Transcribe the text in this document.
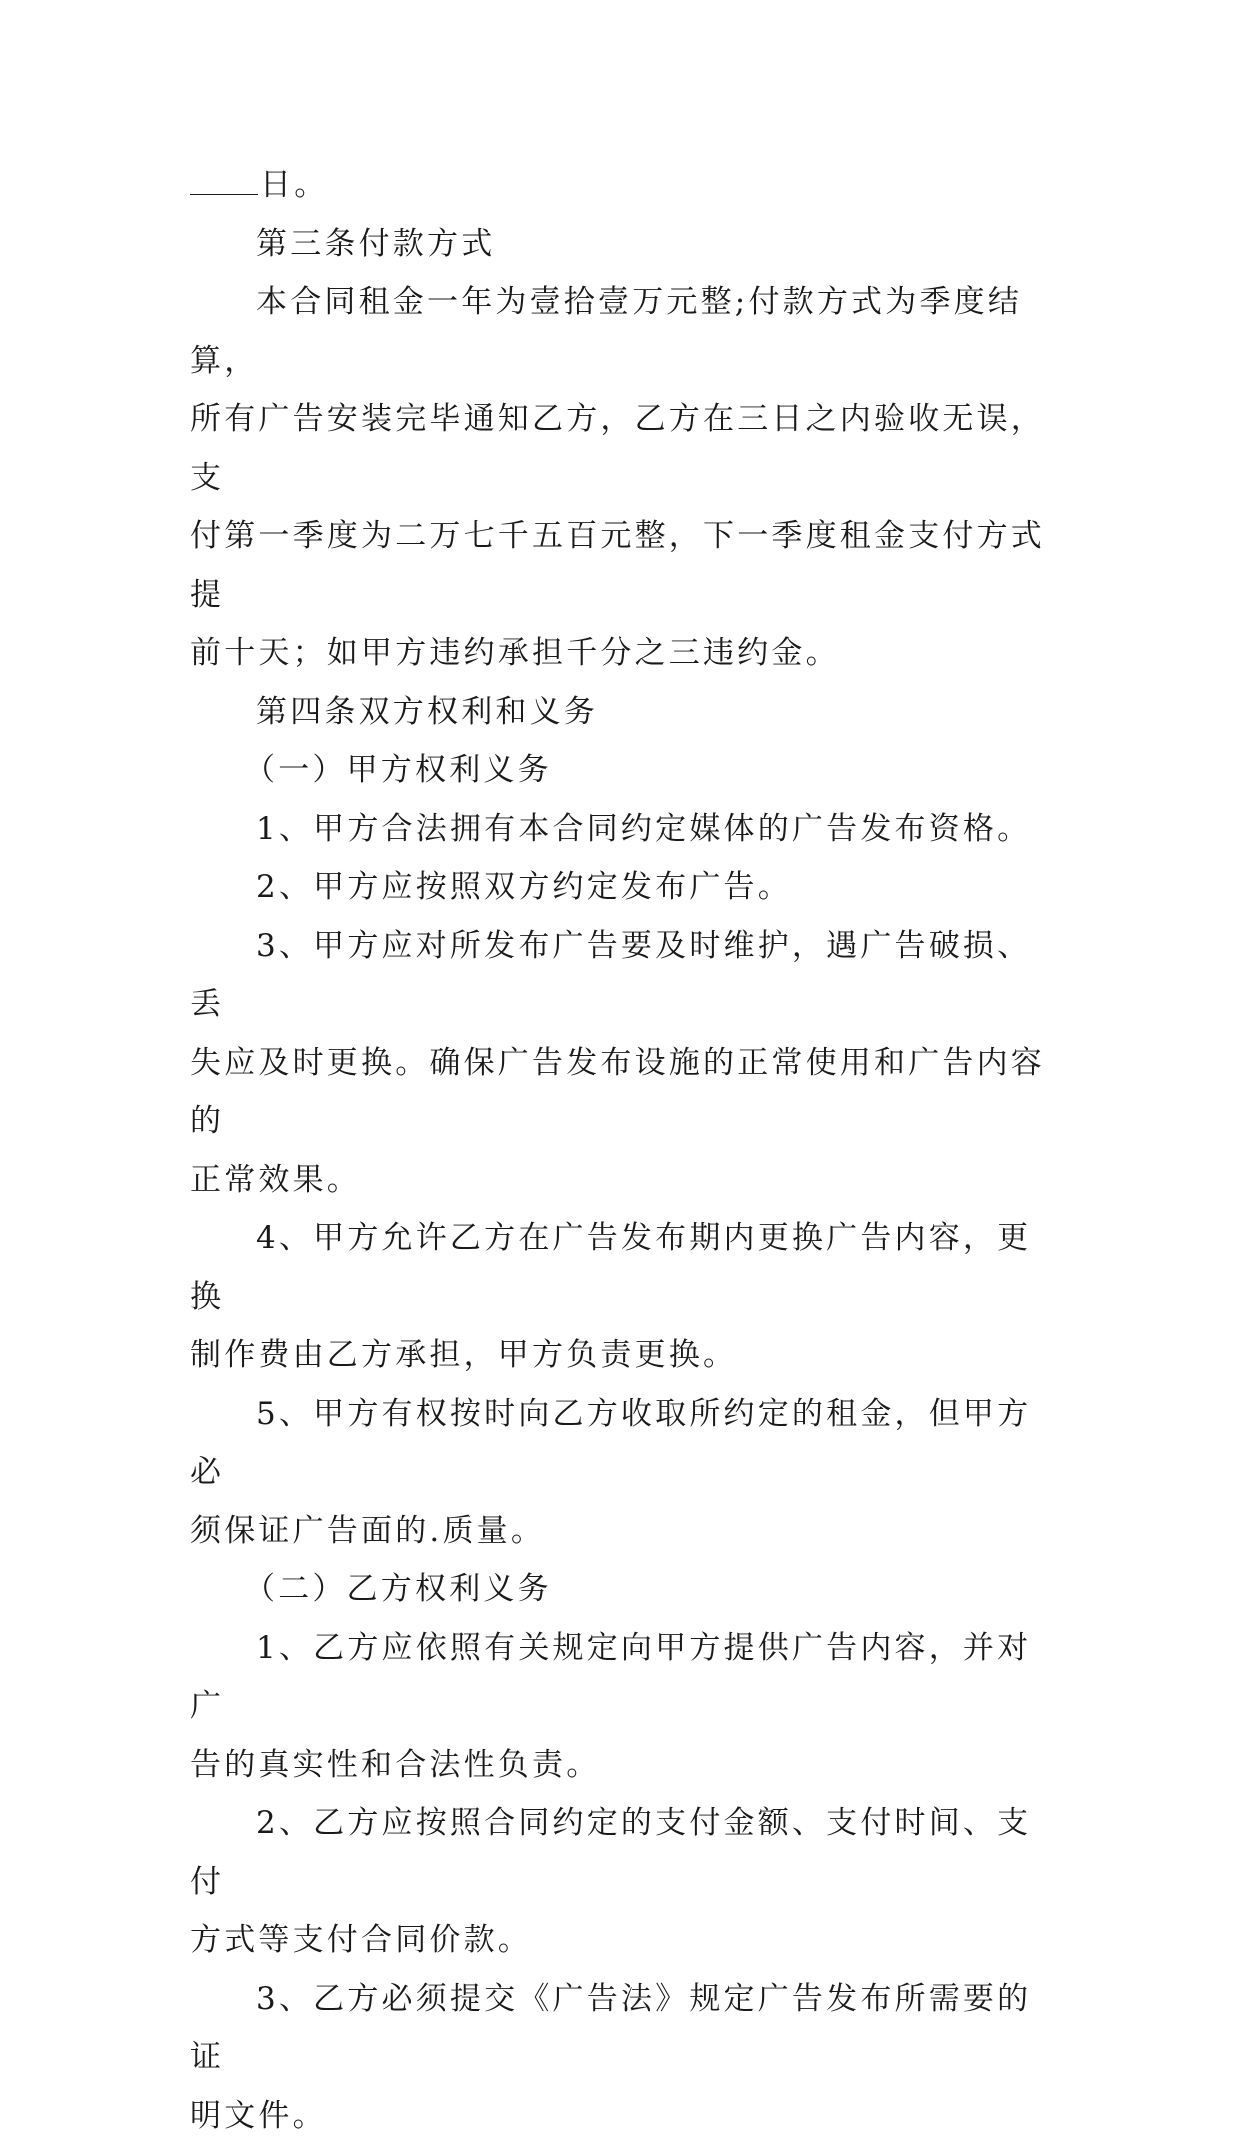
日。

第三条付款方式

本合同租金一年为壹拾壹万元整;付款方式为季度结算，
所有广告安装完毕通知乙方，乙方在三日之内验收无误，支
付第一季度为二万七千五百元整，下一季度租金支付方式提
前十天；如甲方违约承担千分之三违约金。

第四条双方权利和义务

（一）甲方权利义务

1、甲方合法拥有本合同约定媒体的广告发布资格。

2、甲方应按照双方约定发布广告。

3、甲方应对所发布广告要及时维护，遇广告破损、丢
失应及时更换。确保广告发布设施的正常使用和广告内容的
正常效果。

4、甲方允许乙方在广告发布期内更换广告内容，更换
制作费由乙方承担，甲方负责更换。

5、甲方有权按时向乙方收取所约定的租金，但甲方必
须保证广告面的.质量。

（二）乙方权利义务

1、乙方应依照有关规定向甲方提供广告内容，并对广
告的真实性和合法性负责。

2、乙方应按照合同约定的支付金额、支付时间、支付
方式等支付合同价款。

3、乙方必须提交《广告法》规定广告发布所需要的证
明文件。
